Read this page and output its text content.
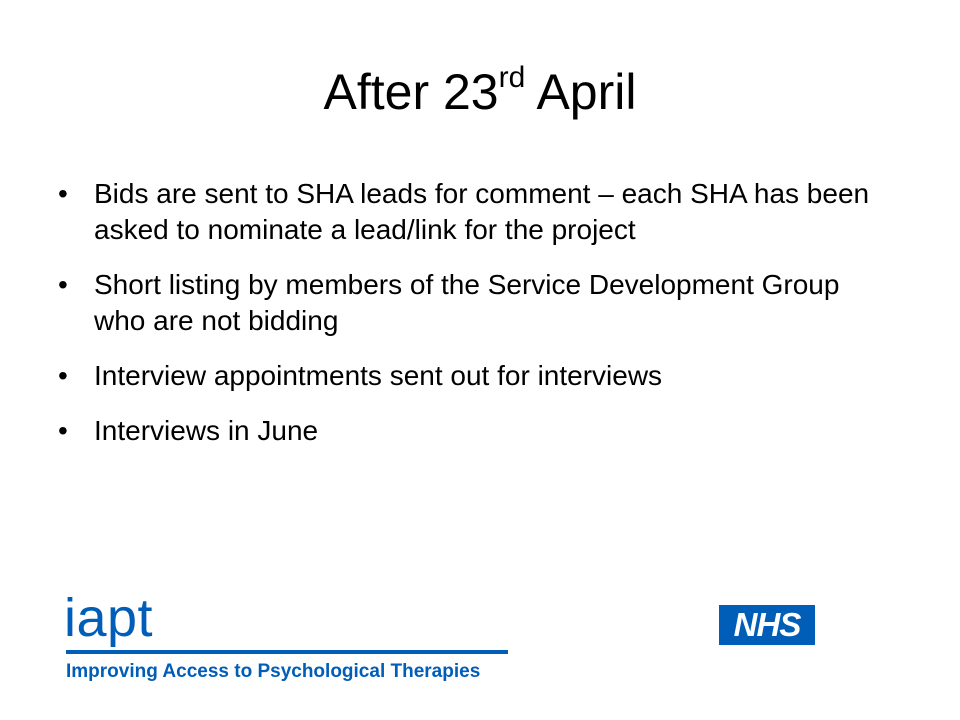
After 23rd April
• Bids are sent to SHA leads for comment – each SHA has been asked to nominate a lead/link for the project
• Short listing by members of the Service Development Group who are not bidding
• Interview appointments sent out for interviews
• Interviews in June
iapt
Improving Access to Psychological Therapies
NHS
